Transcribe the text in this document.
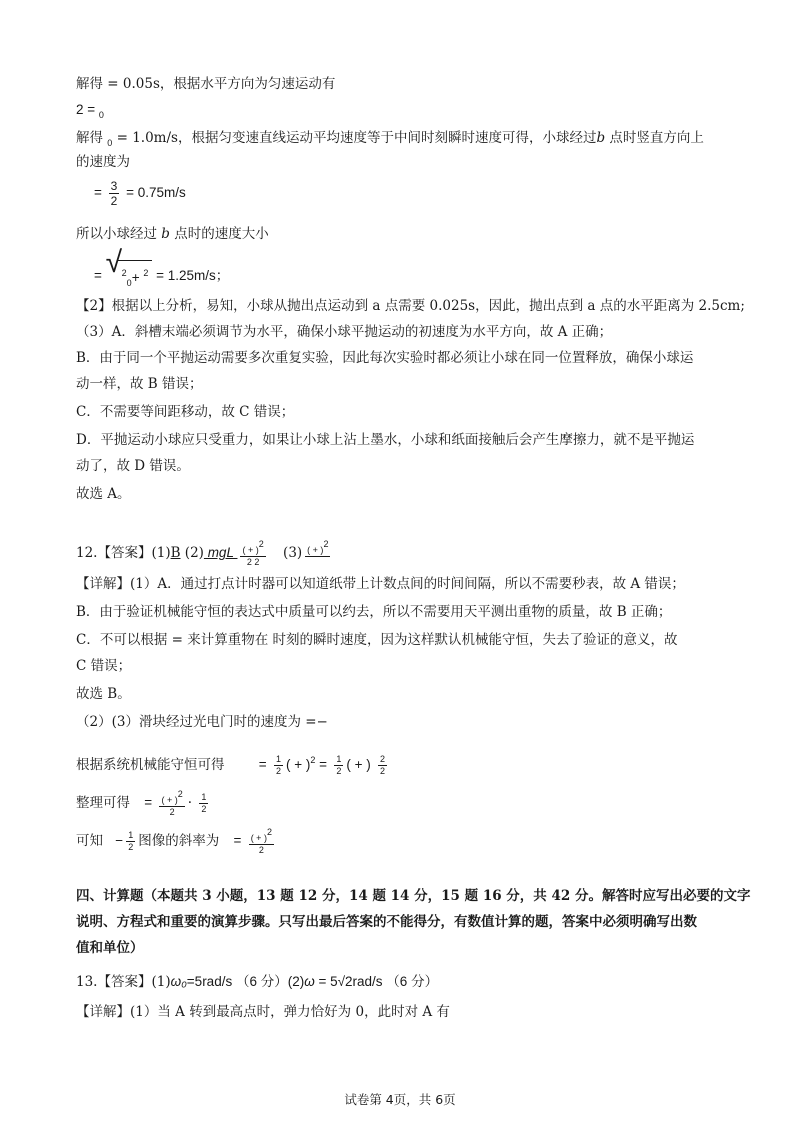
解得 = 0.05s，根据水平方向为匀速运动有
2 = $_0$
解得 $_0$ = 1.0m/s，根据匀变速直线运动平均速度等于中间时刻瞬时速度可得，小球经过b 点时竖直方向上
的速度为
= $\frac{3}{2} = 0.75m/s$
所以小球经过 b 点时的速度大小
= √ $^2_0$+ $^2$ = 1.25m/s；
【2】根据以上分析，易知，小球从抛出点运动到 a 点需要 0.025s，因此，抛出点到 a 点的水平距离为 2.5cm;
（3）A．斜槽末端必须调节为水平，确保小球平抛运动的初速度为水平方向，故 A 正确；
B．由于同一个平抛运动需要多次重复实验，因此每次实验时都必须让小球在同一位置释放，确保小球运
动一样，故 B 错误；
C．不需要等间距移动，故 C 错误；
D．平抛运动小球应只受重力，如果让小球上沾上墨水，小球和纸面接触后会产生摩擦力，就不是平抛运
动了，故 D 错误。
故选 A。
12.【答案】(1)B (2) mgL $\frac{( + )2}{2 2} (3)$ ( + )2

【详解】(1）A．通过打点计时器可以知道纸带上计数点间的时间间隔，所以不需要秒表，故 A 错误；
B．由于验证机械能守恒的表达式中质量可以约去，所以不需要用天平测出重物的质量，故 B 正确；
C．不可以根据 = 来计算重物在 时刻的瞬时速度，因为这样默认机械能守恒，失去了验证的意义，故
C 错误；
故选 B。
（2）(3）滑块经过光电门时的速度为 =−
根据系统机械能守恒可得	= $\frac{1}{2}$ ( + )$^2 = \frac{1}{2}$ ( + ) $\frac{2}{2}$
整理可得 = $\frac{( + )2}{2} \cdot \frac{1}{2}$
可知 − $\frac{1}{2}$ 图像的斜率为 = $\frac{( + )2}{2}$
四、计算题（本题共 3 小题，13 题 12 分，14 题 14 分，15 题 16 分，共 42 分。解答时应写出必要的文字
说明、方程式和重要的演算步骤。只写出最后答案的不能得分，有数值计算的题，答案中必须明确写出数
值和单位）
13.【答案】(1)ω₀=5rad/s （6 分）(2)ω = 5√2rad/s （6 分）
【详解】(1）当 A 转到最高点时，弹力恰好为 0，此时对 A 有
试卷第 4页，共 6页
